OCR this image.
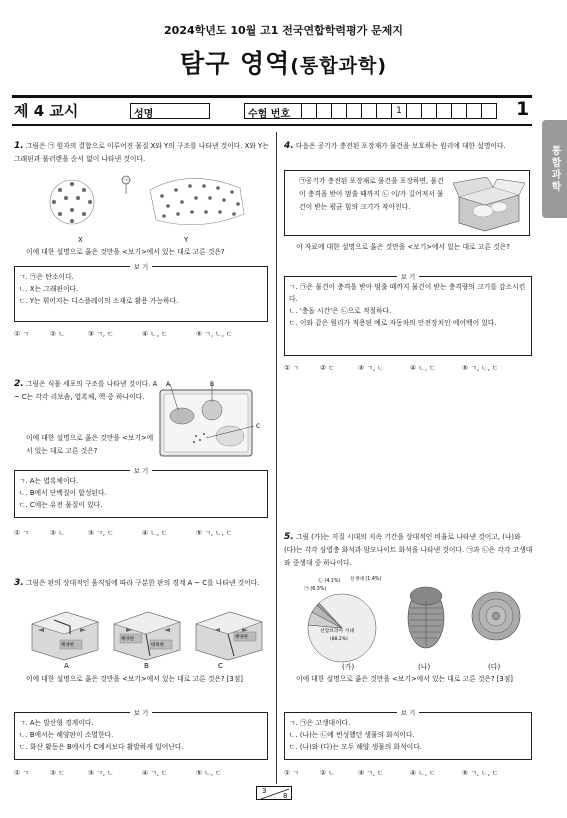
2024학년도 10월 고1 전국연합학력평가 문제지
탐구 영역(통합과학)
제 4 교시	성명	수험 번호	1	1
통합과학
1. 그림은 ㉠ 원자의 결합으로 이루어진 물질 X와 Y의 구조를 나타낸 것이다. X와 Y는 그래핀과 풀러렌을 순서 없이 나타낸 것이다.
㉠
X	Y
이에 대한 설명으로 옳은 것만을 <보기>에서 있는 대로 고른 것은?
보 기
ㄱ. ㉠은 탄소이다.
ㄴ. X는 그래핀이다.
ㄷ. Y는 휘어지는 디스플레이의 소재로 활용 가능하다.
① ㄱ	② ㄴ	③ ㄱ, ㄷ	④ ㄴ, ㄷ	⑤ ㄱ, ㄴ, ㄷ
2. 그림은 식물 세포의 구조를 나타낸 것이다. A ~ C는 각각 리보솜, 엽록체, 핵 중 하나이다.
A	B
C
이에 대한 설명으로 옳은 것만을 <보기>에서 있는 대로 고른 것은?
보 기
ㄱ. A는 엽록체이다.
ㄴ. B에서 단백질이 합성된다.
ㄷ. C에는 유전 물질이 있다.
① ㄱ	② ㄴ	③ ㄱ, ㄷ	④ ㄴ, ㄷ	⑤ ㄱ, ㄴ, ㄷ
3. 그림은 판의 상대적인 움직임에 따라 구분한 판의 경계 A ~ C를 나타낸 것이다.
해양판
해양판
대륙판
해양판
A	B	C
이에 대한 설명으로 옳은 것만을 <보기>에서 있는 대로 고른 것은? [3점]
보 기
ㄱ. A는 발산형 경계이다.
ㄴ. B에서는 해양판이 소멸한다.
ㄷ. 화산 활동은 B에서가 C에서보다 활발하게 일어난다.
① ㄱ	② ㄷ	③ ㄱ, ㄴ	④ ㄱ, ㄷ	⑤ ㄴ, ㄷ
4. 다음은 공기가 충전된 포장재가 물건을 보호하는 원리에 대한 설명이다.
㉠공기가 충전된 포장재로 물건을 포장하면, 물건이 충격을 받아 멈출 때까지 ㉡ 이/가 길어져서 물건이 받는 평균 힘의 크기가 작아진다.
이 자료에 대한 설명으로 옳은 것만을 <보기>에서 있는 대로 고른 것은?
보 기
ㄱ. ㉠은 물건이 충격을 받아 멈출 때까지 물건이 받는 충격량의 크기를 감소시킨다.
ㄴ. '충돌 시간'은 ㉡으로 적절하다.
ㄷ. 이와 같은 원리가 적용된 예로 자동차의 안전장치인 에어백이 있다.
① ㄱ	② ㄷ	③ ㄱ, ㄴ	④ ㄴ, ㄷ	⑤ ㄱ, ㄴ, ㄷ
5. 그림 (가)는 지질 시대의 지속 기간을 상대적인 비율로 나타낸 것이고, (나)와 (다)는 각각 삼엽충 화석과 암모나이트 화석을 나타낸 것이다. ㉠과 ㉡은 각각 고생대와 중생대 중 하나이다.
선캄브리아 시대
(88.2%)
㉡ (4.1%)
㉠ (6.3%)
신생대 (1.4%)
(가)	(나)	(다)
이에 대한 설명으로 옳은 것만을 <보기>에서 있는 대로 고른 것은? [3점]
보 기
ㄱ. ㉠은 고생대이다.
ㄴ. (나)는 ㉡에 번성했던 생물의 화석이다.
ㄷ. (나)와 (다)는 모두 해양 생물의 화석이다.
① ㄱ	② ㄴ	③ ㄱ, ㄷ	④ ㄴ, ㄷ	⑤ ㄱ, ㄴ, ㄷ
3
8
